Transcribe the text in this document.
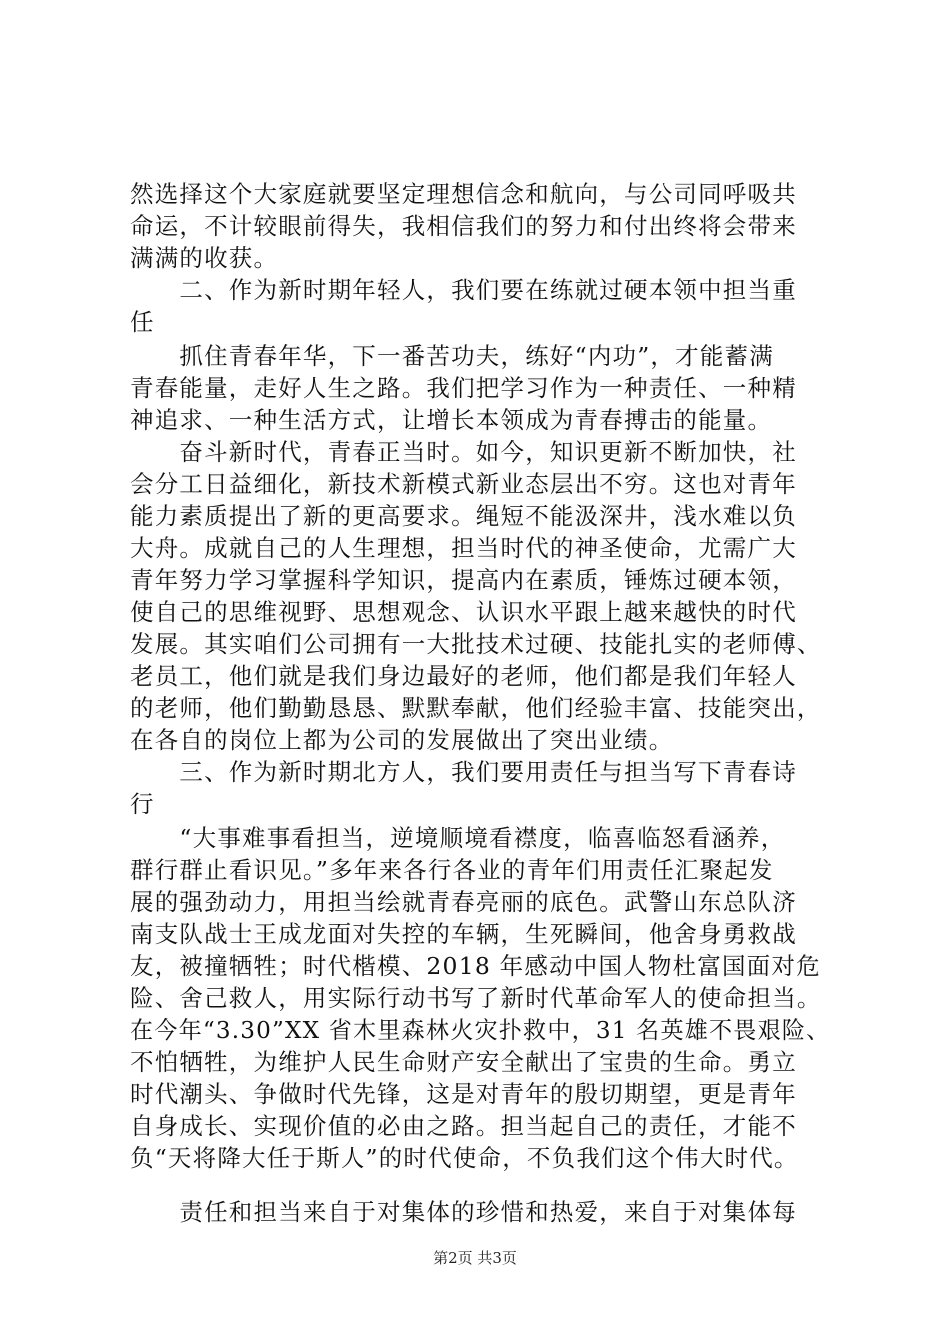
然选择这个大家庭就要坚定理想信念和航向，与公司同呼吸共
命运，不计较眼前得失，我相信我们的努力和付出终将会带来
满满的收获。
　　二、作为新时期年轻人，我们要在练就过硬本领中担当重
任
　　抓住青春年华，下一番苦功夫，练好“内功”，才能蓄满
青春能量，走好人生之路。我们把学习作为一种责任、一种精
神追求、一种生活方式，让增长本领成为青春搏击的能量。
　　奋斗新时代，青春正当时。如今，知识更新不断加快，社
会分工日益细化，新技术新模式新业态层出不穷。这也对青年
能力素质提出了新的更高要求。绳短不能汲深井，浅水难以负
大舟。成就自己的人生理想，担当时代的神圣使命，尤需广大
青年努力学习掌握科学知识，提高内在素质，锤炼过硬本领，
使自己的思维视野、思想观念、认识水平跟上越来越快的时代
发展。其实咱们公司拥有一大批技术过硬、技能扎实的老师傅、
老员工，他们就是我们身边最好的老师，他们都是我们年轻人
的老师，他们勤勤恳恳、默默奉献，他们经验丰富、技能突出，
在各自的岗位上都为公司的发展做出了突出业绩。
　　三、作为新时期北方人，我们要用责任与担当写下青春诗
行
　　“大事难事看担当，逆境顺境看襟度，临喜临怒看涵养，
群行群止看识见。”多年来各行各业的青年们用责任汇聚起发
展的强劲动力，用担当绘就青春亮丽的底色。武警山东总队济
南支队战士王成龙面对失控的车辆，生死瞬间，他舍身勇救战
友，被撞牺牲；时代楷模、2018 年感动中国人物杜富国面对危
险、舍己救人，用实际行动书写了新时代革命军人的使命担当。
在今年“3.30”XX 省木里森林火灾扑救中，31 名英雄不畏艰险、
不怕牺牲，为维护人民生命财产安全献出了宝贵的生命。勇立
时代潮头、争做时代先锋，这是对青年的殷切期望，更是青年
自身成长、实现价值的必由之路。担当起自己的责任，才能不
负“天将降大任于斯人”的时代使命，不负我们这个伟大时代。
　　责任和担当来自于对集体的珍惜和热爱，来自于对集体每
第2页 共3页
